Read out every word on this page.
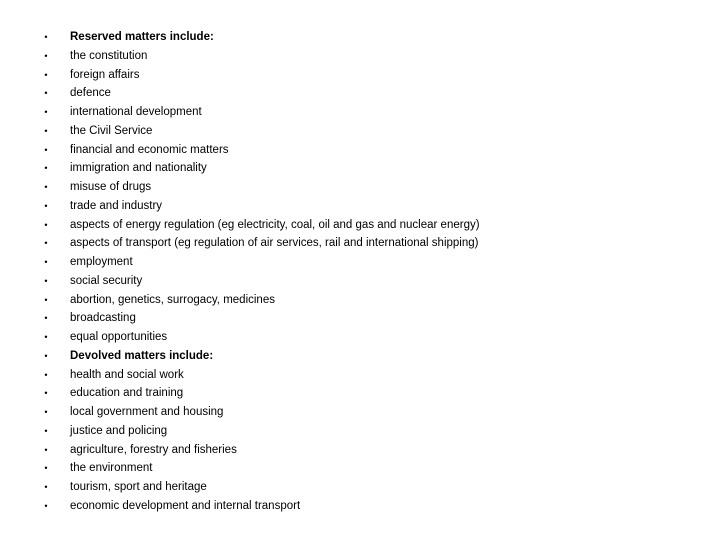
• Reserved matters include:
• the constitution
• foreign affairs
• defence
• international development
• the Civil Service
• financial and economic matters
• immigration and nationality
• misuse of drugs
• trade and industry
• aspects of energy regulation (eg electricity, coal, oil and gas and nuclear energy)
• aspects of transport (eg regulation of air services, rail and international shipping)
• employment
• social security
• abortion, genetics, surrogacy, medicines
• broadcasting
• equal opportunities
• Devolved matters include:
• health and social work
• education and training
• local government and housing
• justice and policing
• agriculture, forestry and fisheries
• the environment
• tourism, sport and heritage
• economic development and internal transport
